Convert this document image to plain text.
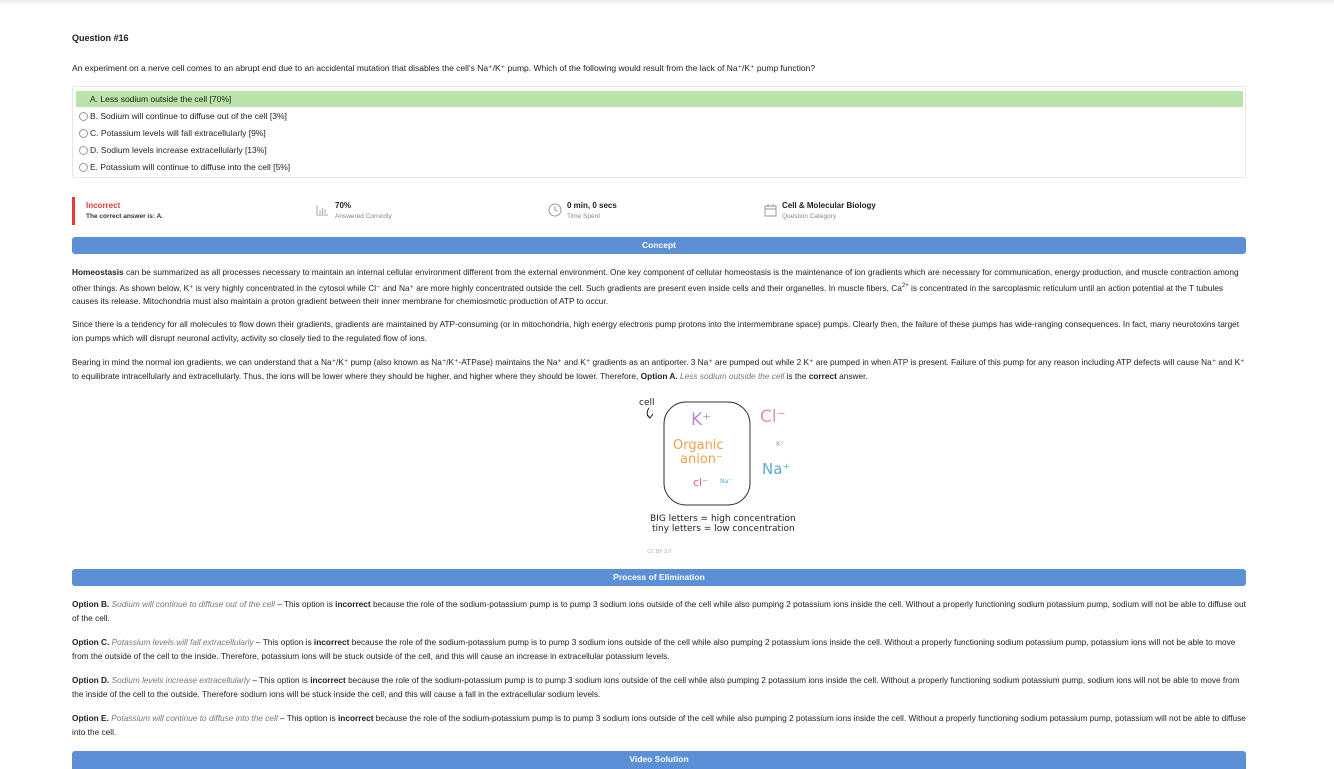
Question #16
An experiment on a nerve cell comes to an abrupt end due to an accidental mutation that disables the cell’s Na⁺/K⁺ pump. Which of the following would result from the lack of Na⁺/K⁺ pump function?
A. Less sodium outside the cell [70%]
B. Sodium will continue to diffuse out of the cell [3%]
C. Potassium levels will fall extracellularly [9%]
D. Sodium levels increase extracellularly [13%]
E. Potassium will continue to diffuse into the cell [5%]
Incorrect
The correct answer is: A.
70%
Answered Correctly
0 min, 0 secs
Time Spent
Cell & Molecular Biology
Question Category
Concept
Homeostasis can be summarized as all processes necessary to maintain an internal cellular environment different from the external environment. One key component of cellular homeostasis is the maintenance of ion gradients which are necessary for communication, energy production, and muscle contraction among other things. As shown below, K⁺ is very highly concentrated in the cytosol while Cl⁻ and Na⁺ are more highly concentrated outside the cell. Such gradients are present even inside cells and their organelles. In muscle fibers, $Ca^{2+}$ is concentrated in the sarcoplasmic reticulum until an action potential at the T tubules causes its release. Mitochondria must also maintain a proton gradient between their inner membrane for chemiosmotic production of ATP to occur.
Since there is a tendency for all molecules to flow down their gradients, gradients are maintained by ATP-consuming (or in mitochondria, high energy electrons pump protons into the intermembrane space) pumps. Clearly then, the failure of these pumps has wide-ranging consequences. In fact, many neurotoxins target ion pumps which will disrupt neuronal activity, activity so closely tied to the regulated flow of ions.
Bearing in mind the normal ion gradients, we can understand that a Na⁺/K⁺ pump (also known as Na⁺/K⁺-ATPase) maintains the Na⁺ and K⁺ gradients as an antiporter. 3 Na⁺ are pumped out while 2 K⁺ are pumped in when ATP is present. Failure of this pump for any reason including ATP defects will cause Na⁺ and K⁺ to equilibrate intracellularly and extracellularly. Thus, the ions will be lower where they should be higher, and higher where they should be lower. Therefore, Option A. Less sodium outside the cell is the correct answer.
cell
K⁺
Organic
anion⁻
cl⁻ Na⁺
Cl⁻
K⁺
Na⁺
BIG letters = high concentration
tiny letters = low concentration
CC BY 3.0
Process of Elimination
Option B. Sodium will continue to diffuse out of the cell – This option is incorrect because the role of the sodium-potassium pump is to pump 3 sodium ions outside of the cell while also pumping 2 potassium ions inside the cell. Without a properly functioning sodium potassium pump, sodium will not be able to diffuse out of the cell.
Option C. Potassium levels will fall extracellularly – This option is incorrect because the role of the sodium-potassium pump is to pump 3 sodium ions outside of the cell while also pumping 2 potassium ions inside the cell. Without a properly functioning sodium potassium pump, potassium ions will not be able to move from the outside of the cell to the inside. Therefore, potassium ions will be stuck outside of the cell, and this will cause an increase in extracellular potassium levels.
Option D. Sodium levels increase extracellularly – This option is incorrect because the role of the sodium-potassium pump is to pump 3 sodium ions outside of the cell while also pumping 2 potassium ions inside the cell. Without a properly functioning sodium potassium pump, sodium ions will not be able to move from the inside of the cell to the outside. Therefore sodium ions will be stuck inside the cell, and this will cause a fall in the extracellular sodium levels.
Option E. Potassium will continue to diffuse into the cell – This option is incorrect because the role of the sodium-potassium pump is to pump 3 sodium ions outside of the cell while also pumping 2 potassium ions inside the cell. Without a properly functioning sodium potassium pump, potassium will not be able to diffuse into the cell.
Video Solution
